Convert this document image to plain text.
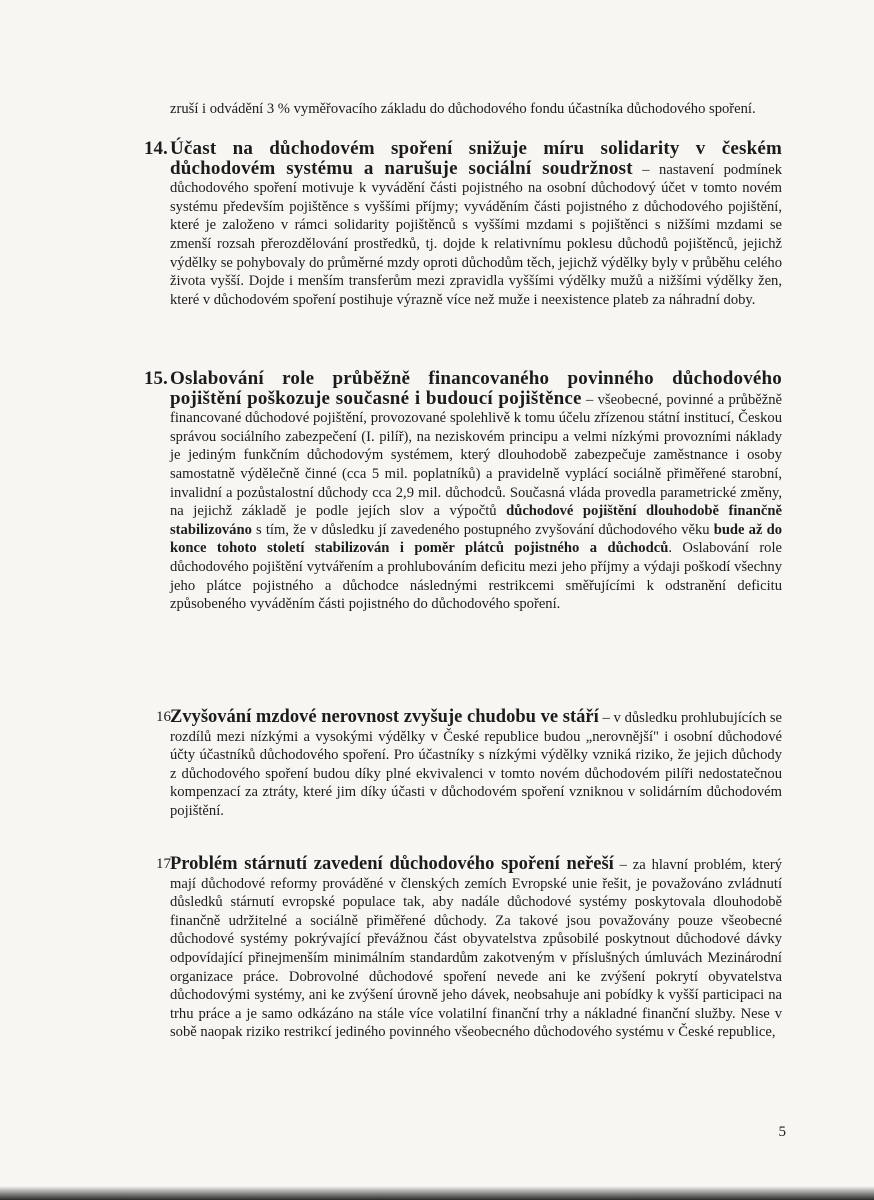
zruší i odvádění 3 % vyměřovacího základu do důchodového fondu účastníka důchodového spoření.
14. Účast na důchodovém spoření snižuje míru solidarity v českém důchodovém systému a narušuje sociální soudržnost – nastavení podmínek důchodového spoření motivuje k vyvádění části pojistného na osobní důchodový účet v tomto novém systému především pojištěnce s vyššími příjmy; vyváděním části pojistného z důchodového pojištění, které je založeno v rámci solidarity pojištěnců s vyššími mzdami s pojištěnci s nižšími mzdami se zmenší rozsah přerozdělování prostředků, tj. dojde k relativnímu poklesu důchodů pojištěnců, jejichž výdělky se pohybovaly do průměrné mzdy oproti důchodům těch, jejichž výdělky byly v průběhu celého života vyšší. Dojde i menším transferům mezi zpravidla vyššími výdělky mužů a nižšími výdělky žen, které v důchodovém spoření postihuje výrazně více než muže i neexistence plateb za náhradní doby.
15. Oslabování role průběžně financovaného povinného důchodového pojištění poškozuje současné i budoucí pojištěnce – všeobecné, povinné a průběžně financované důchodové pojištění, provozované spolehlivě k tomu účelu zřízenou státní institucí, Českou správou sociálního zabezpečení (I. pilíř), na neziskovém principu a velmi nízkými provozními náklady je jediným funkčním důchodovým systémem, který dlouhodobě zabezpečuje zaměstnance i osoby samostatně výdělečně činné (cca 5 mil. poplatníků) a pravidelně vyplácí sociálně přiměřené starobní, invalidní a pozůstalostní důchody cca 2,9 mil. důchodců. Současná vláda provedla parametrické změny, na jejichž základě je podle jejích slov a výpočtů důchodové pojištění dlouhodobě finančně stabilizováno s tím, že v důsledku jí zavedeného postupného zvyšování důchodového věku bude až do konce tohoto století stabilizován i poměr plátců pojistného a důchodců. Oslabování role důchodového pojištění vytvářením a prohlubováním deficitu mezi jeho příjmy a výdaji poškodí všechny jeho plátce pojistného a důchodce následnými restrikcemi směřujícími k odstranění deficitu způsobeného vyváděním části pojistného do důchodového spoření.
16.
Zvyšování mzdové nerovnost zvyšuje chudobu ve stáří – v důsledku prohlubujících se rozdílů mezi nízkými a vysokými výdělky v České republice budou „nerovnější" i osobní důchodové účty účastníků důchodového spoření. Pro účastníky s nízkými výdělky vzniká riziko, že jejich důchody z důchodového spoření budou díky plné ekvivalenci v tomto novém důchodovém pilíři nedostatečnou kompenzací za ztráty, které jim díky účasti v důchodovém spoření vzniknou v solidárním důchodovém pojištění.
17.
Problém stárnutí zavedení důchodového spoření neřeší – za hlavní problém, který mají důchodové reformy prováděné v členských zemích Evropské unie řešit, je považováno zvládnutí důsledků stárnutí evropské populace tak, aby nadále důchodové systémy poskytovala dlouhodobě finančně udržitelné a sociálně přiměřené důchody. Za takové jsou považovány pouze všeobecné důchodové systémy pokrývající převážnou část obyvatelstva způsobilé poskytnout důchodové dávky odpovídající přinejmenším minimálním standardům zakotveným v příslušných úmluvách Mezinárodní organizace práce. Dobrovolné důchodové spoření nevede ani ke zvýšení pokrytí obyvatelstva důchodovými systémy, ani ke zvýšení úrovně jeho dávek, neobsahuje ani pobídky k vyšší participaci na trhu práce a je samo odkázáno na stále více volatilní finanční trhy a nákladné finanční služby. Nese v sobě naopak riziko restrikcí jediného povinného všeobecného důchodového systému v České republice,
5
